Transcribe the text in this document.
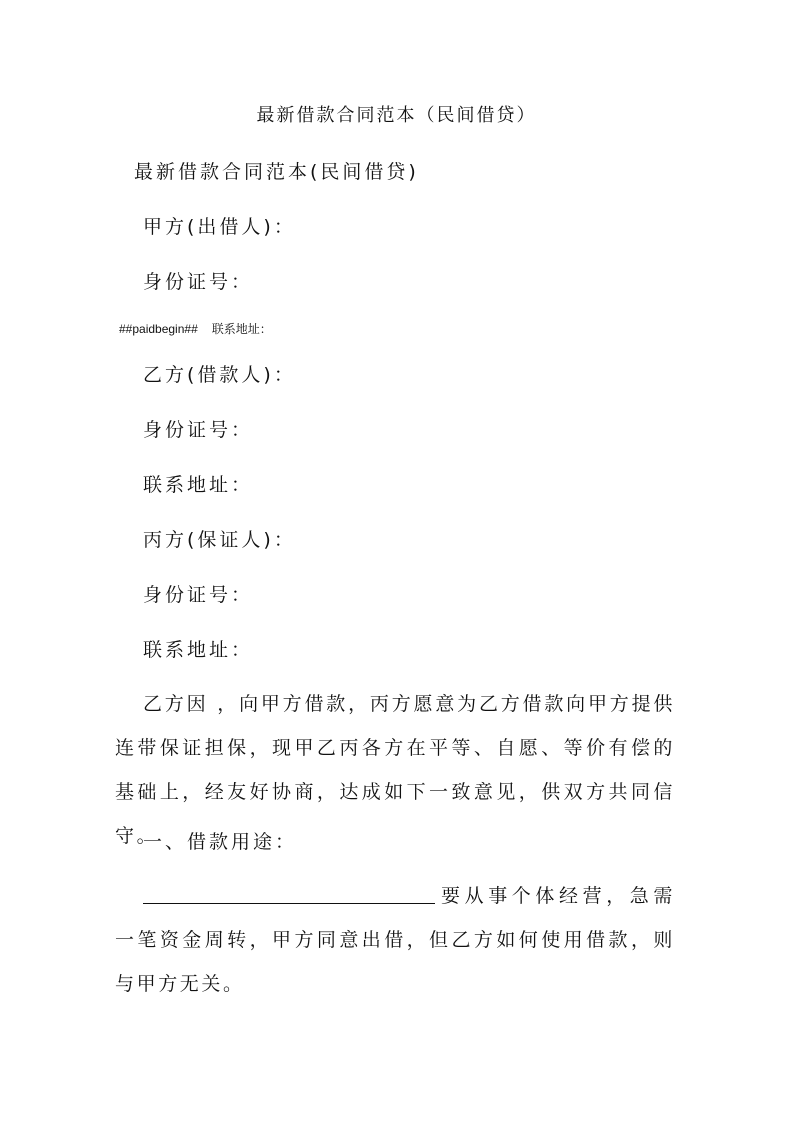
最新借款合同范本（民间借贷）
最新借款合同范本(民间借贷)
甲方(出借人)：
身份证号：
##paidbegin## 联系地址：
乙方(借款人)：
身份证号：
联系地址：
丙方(保证人)：
身份证号：
联系地址：
乙方因 ，向甲方借款，丙方愿意为乙方借款向甲方提供连带保证担保，现甲乙丙各方在平等、自愿、等价有偿的基础上，经友好协商，达成如下一致意见，供双方共同信守。
一、借款用途：
要从事个体经营，急需一笔资金周转，甲方同意出借，但乙方如何使用借款，则与甲方无关。
